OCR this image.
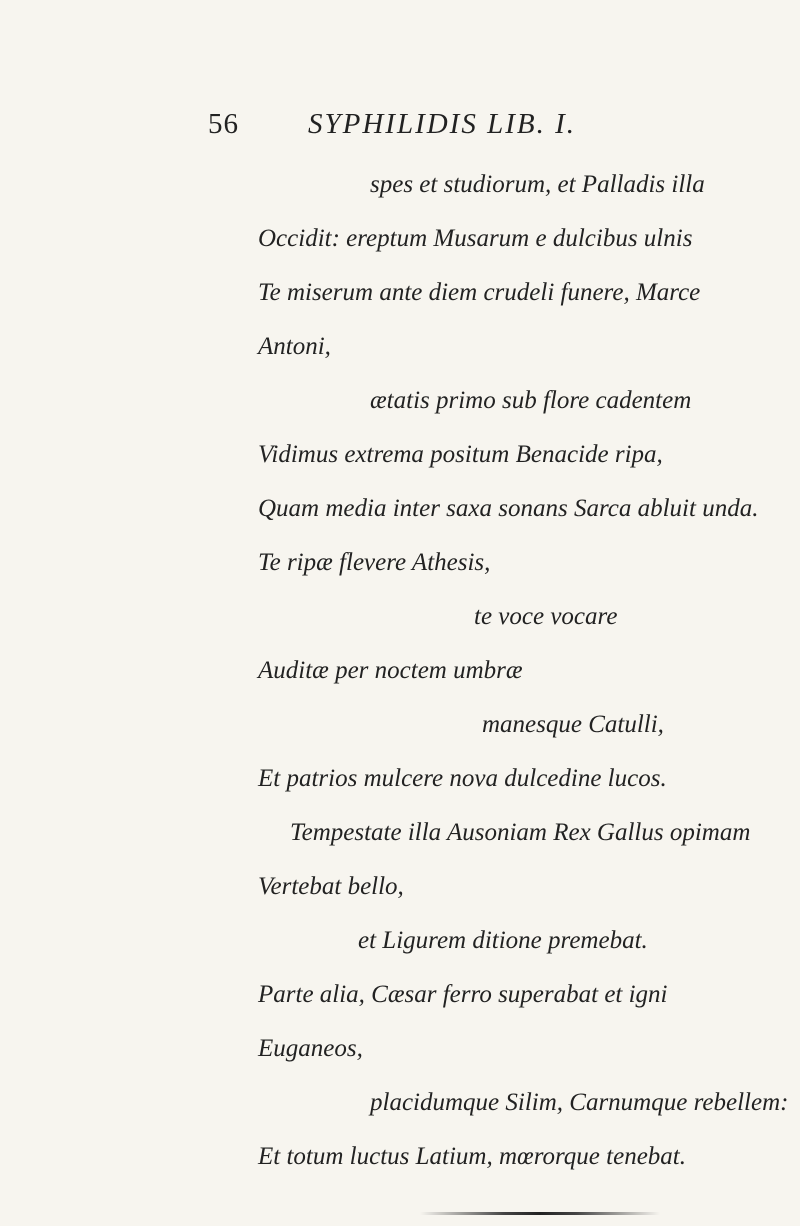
56 SYPHILIDIS LIB. I.
spes et studiorum, et Palladis illa
Occidit: ereptum Musarum e dulcibus ulnis
Te miserum ante diem crudeli funere, Marce
Antoni,
ætatis primo sub flore cadentem
Vidimus extrema positum Benacide ripa,
Quam media inter saxa sonans Sarca abluit unda.
Te ripæ flevere Athesis,
te voce vocare
Auditæ per noctem umbræ
manesque Catulli,
Et patrios mulcere nova dulcedine lucos.
Tempestate illa Ausoniam Rex Gallus opimam
Vertebat bello,
et Ligurem ditione premebat.
Parte alia, Cæsar ferro superabat et igni
Euganeos,
placidumque Silim, Carnumque rebellem:
Et totum luctus Latium, mœrorque tenebat.
